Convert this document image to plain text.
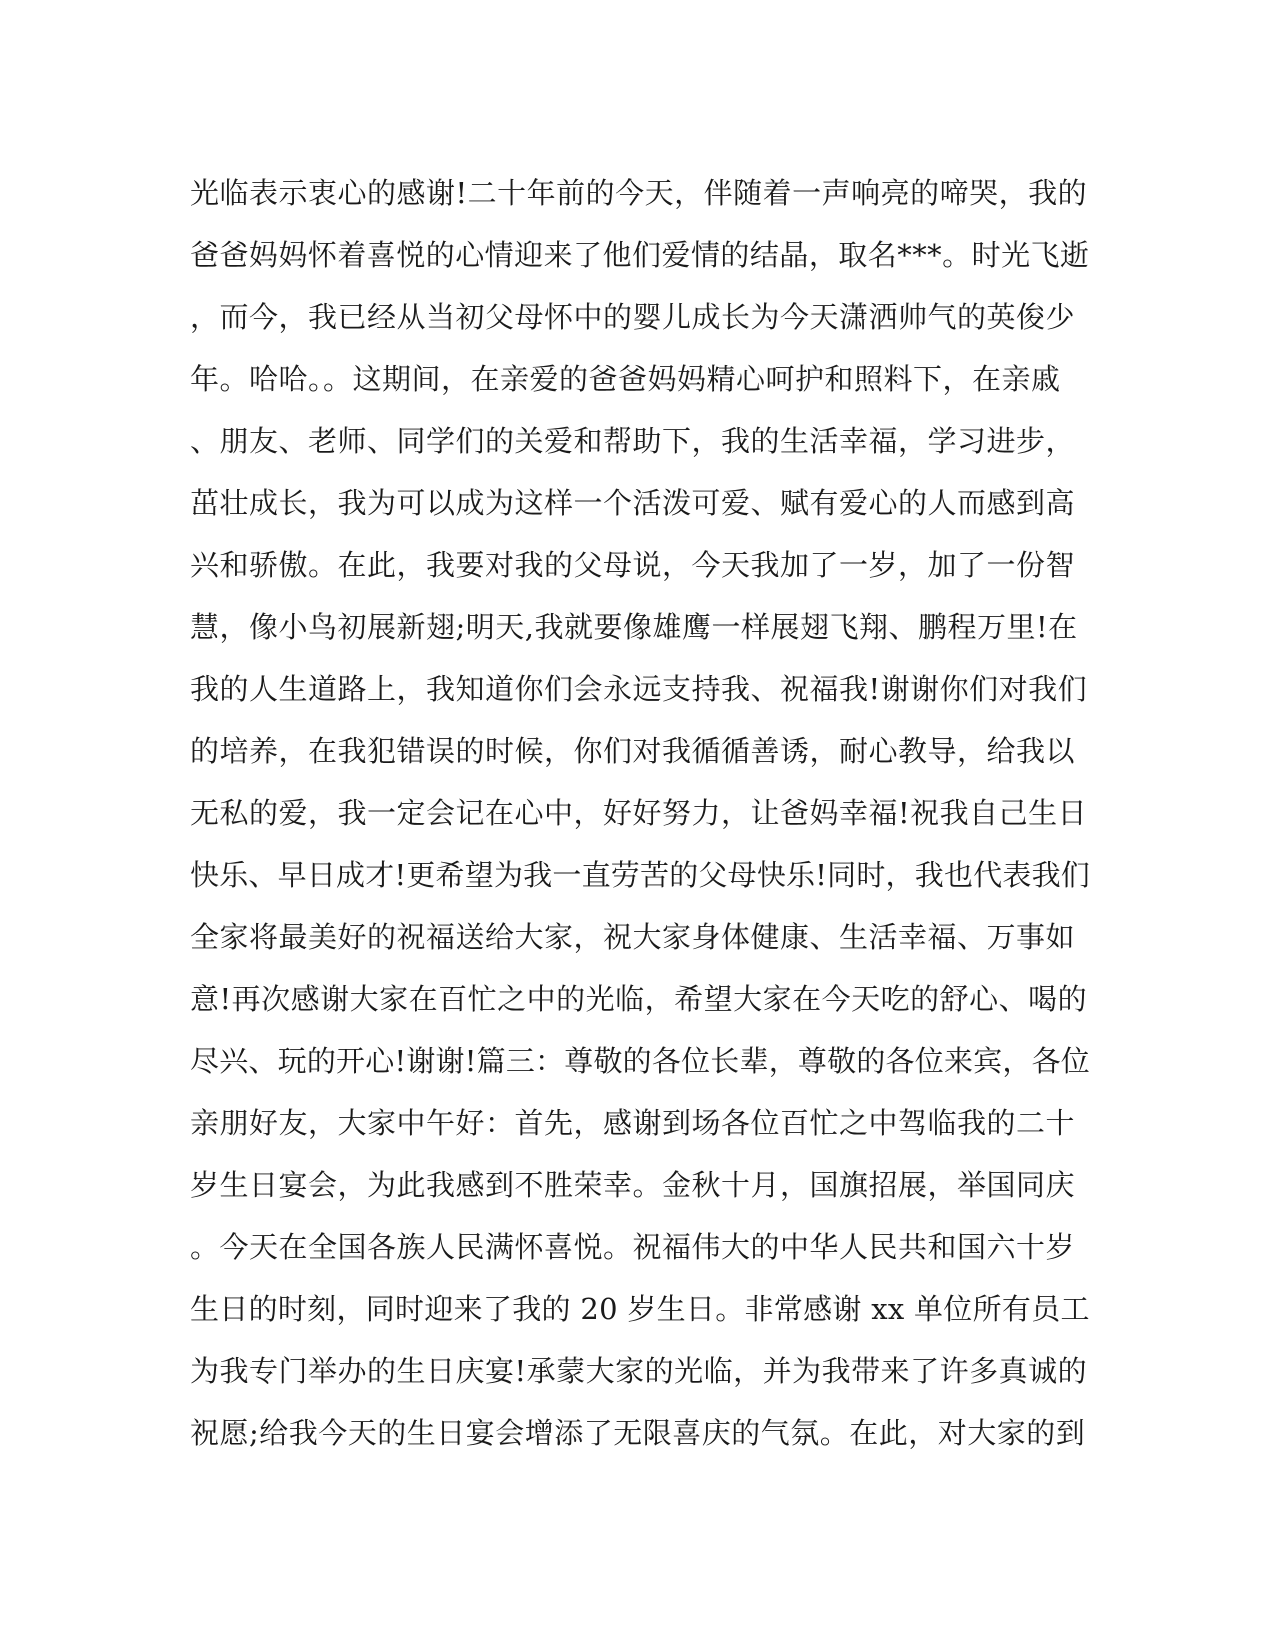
光临表示衷心的感谢!二十年前的今天，伴随着一声响亮的啼哭，我的
爸爸妈妈怀着喜悦的心情迎来了他们爱情的结晶，取名***。时光飞逝
，而今，我已经从当初父母怀中的婴儿成长为今天潇洒帅气的英俊少
年。哈哈。。这期间，在亲爱的爸爸妈妈精心呵护和照料下，在亲戚
、朋友、老师、同学们的关爱和帮助下，我的生活幸福，学习进步，
茁壮成长，我为可以成为这样一个活泼可爱、赋有爱心的人而感到高
兴和骄傲。在此，我要对我的父母说，今天我加了一岁，加了一份智
慧，像小鸟初展新翅;明天,我就要像雄鹰一样展翅飞翔、鹏程万里!在
我的人生道路上，我知道你们会永远支持我、祝福我!谢谢你们对我们
的培养，在我犯错误的时候，你们对我循循善诱，耐心教导，给我以
无私的爱，我一定会记在心中，好好努力，让爸妈幸福!祝我自己生日
快乐、早日成才!更希望为我一直劳苦的父母快乐!同时，我也代表我们
全家将最美好的祝福送给大家，祝大家身体健康、生活幸福、万事如
意!再次感谢大家在百忙之中的光临，希望大家在今天吃的舒心、喝的
尽兴、玩的开心!谢谢!篇三：尊敬的各位长辈，尊敬的各位来宾，各位
亲朋好友，大家中午好：首先，感谢到场各位百忙之中驾临我的二十
岁生日宴会，为此我感到不胜荣幸。金秋十月，国旗招展，举国同庆
。今天在全国各族人民满怀喜悦。祝福伟大的中华人民共和国六十岁
生日的时刻，同时迎来了我的 20 岁生日。非常感谢 xx 单位所有员工
为我专门举办的生日庆宴!承蒙大家的光临，并为我带来了许多真诚的
祝愿;给我今天的生日宴会增添了无限喜庆的气氛。在此，对大家的到
